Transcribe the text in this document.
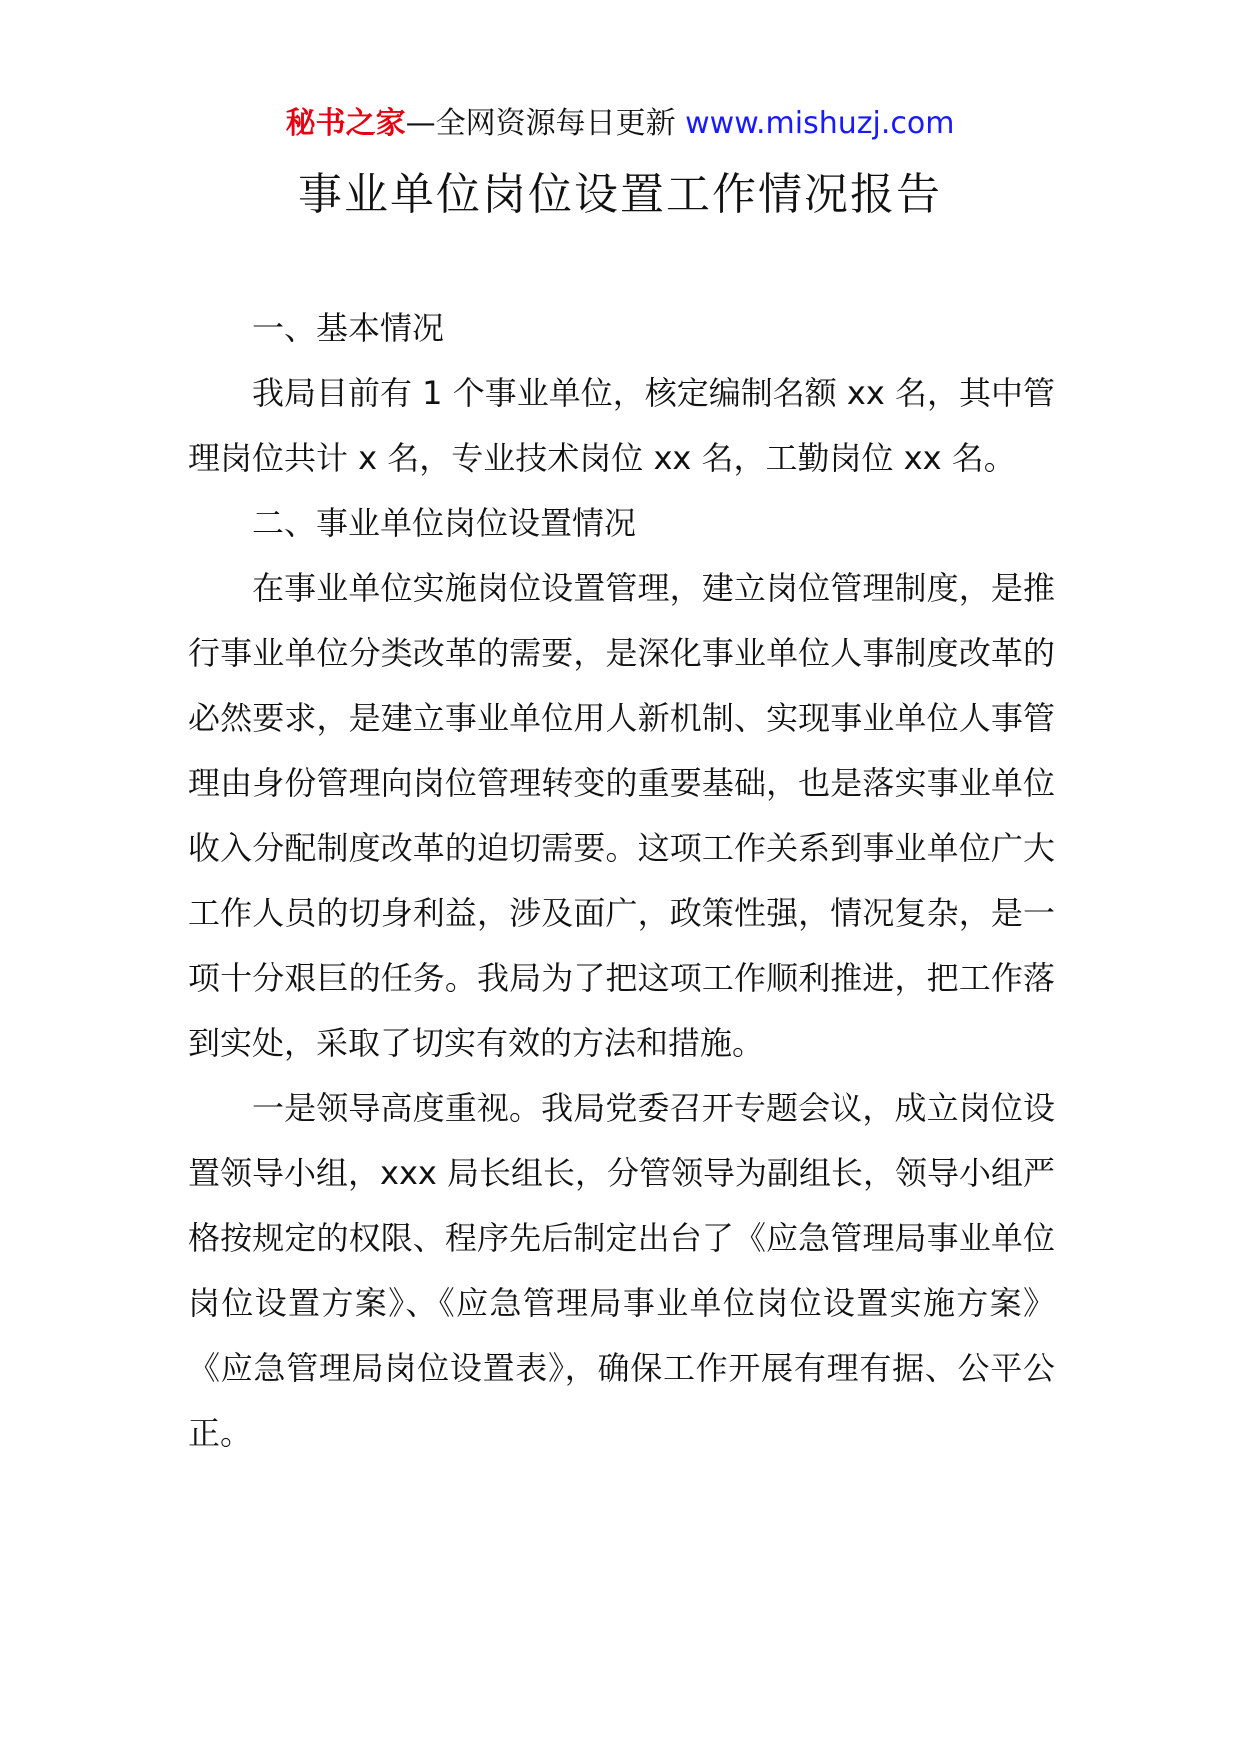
秘书之家—全网资源每日更新 www.mishuzj.com
事业单位岗位设置工作情况报告
一、基本情况

我局目前有 1 个事业单位，核定编制名额 xx 名，其中管理岗位共计 x 名，专业技术岗位 xx 名，工勤岗位 xx 名。

二、事业单位岗位设置情况

在事业单位实施岗位设置管理，建立岗位管理制度，是推行事业单位分类改革的需要，是深化事业单位人事制度改革的必然要求，是建立事业单位用人新机制、实现事业单位人事管理由身份管理向岗位管理转变的重要基础，也是落实事业单位收入分配制度改革的迫切需要。这项工作关系到事业单位广大工作人员的切身利益，涉及面广，政策性强，情况复杂，是一项十分艰巨的任务。我局为了把这项工作顺利推进，把工作落到实处，采取了切实有效的方法和措施。

一是领导高度重视。我局党委召开专题会议，成立岗位设置领导小组，xxx 局长组长，分管领导为副组长，领导小组严格按规定的权限、程序先后制定出台了《应急管理局事业单位岗位设置方案》、《应急管理局事业单位岗位设置实施方案》《应急管理局岗位设置表》，确保工作开展有理有据、公平公正。
